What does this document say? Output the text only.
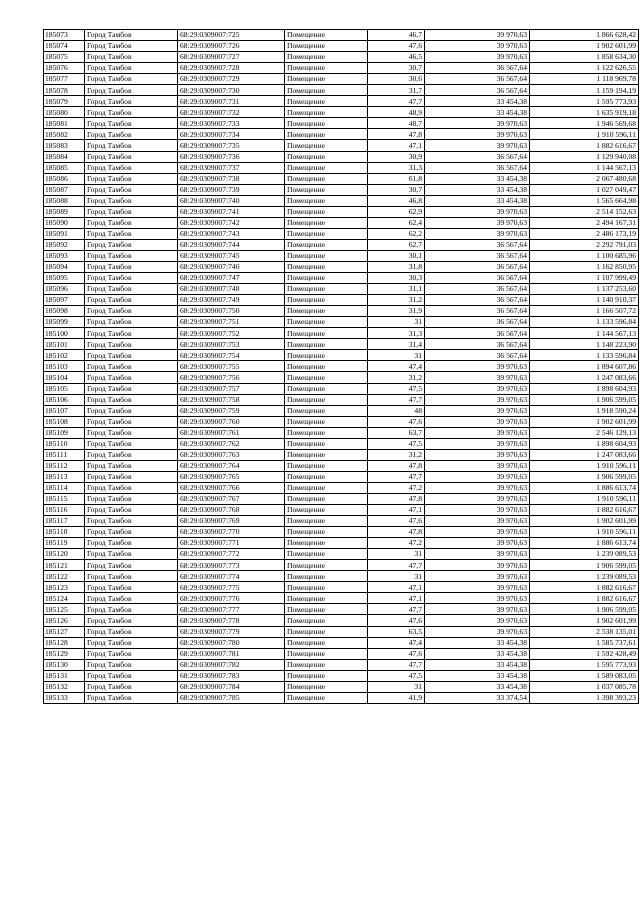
185073	Город Тамбов	68:29:0309007:725	Помещение	46,7	39 970,63	1 866 628,42
185074	Город Тамбов	68:29:0309007:726	Помещение	47,6	39 970,63	1 902 601,99
185075	Город Тамбов	68:29:0309007:727	Помещение	46,5	39 970,63	1 858 634,30
185076	Город Тамбов	68:29:0309007:728	Помещение	30,7	36 567,64	1 122 626,55
185077	Город Тамбов	68:29:0309007:729	Помещение	30,6	36 567,64	1 118 969,78
185078	Город Тамбов	68:29:0309007:730	Помещение	31,7	36 567,64	1 159 194,19
185079	Город Тамбов	68:29:0309007:731	Помещение	47,7	33 454,38	1 595 773,93
185080	Город Тамбов	68:29:0309007:732	Помещение	48,9	33 454,38	1 635 919,18
185081	Город Тамбов	68:29:0309007:733	Помещение	48,7	39 970,63	1 946 569,68
185082	Город Тамбов	68:29:0309007:734	Помещение	47,8	39 970,63	1 910 596,11
185083	Город Тамбов	68:29:0309007:735	Помещение	47,1	39 970,63	1 882 616,67
185084	Город Тамбов	68:29:0309007:736	Помещение	30,9	36 567,64	1 129 940,08
185085	Город Тамбов	68:29:0309007:737	Помещение	31,3	36 567,64	1 144 567,13
185086	Город Тамбов	68:29:0309007:738	Помещение	61,8	33 454,38	2 067 480,68
185087	Город Тамбов	68:29:0309007:739	Помещение	30,7	33 454,38	1 027 049,47
185088	Город Тамбов	68:29:0309007:740	Помещение	46,8	33 454,38	1 565 664,98
185089	Город Тамбов	68:29:0309007:741	Помещение	62,9	39 970,63	2 514 152,63
185090	Город Тамбов	68:29:0309007:742	Помещение	62,4	39 970,63	2 494 167,31
185091	Город Тамбов	68:29:0309007:743	Помещение	62,2	39 970,63	2 486 173,19
185092	Город Тамбов	68:29:0309007:744	Помещение	62,7	36 567,64	2 292 791,03
185093	Город Тамбов	68:29:0309007:745	Помещение	30,1	36 567,64	1 100 685,96
185094	Город Тамбов	68:29:0309007:746	Помещение	31,8	36 567,64	1 162 850,95
185095	Город Тамбов	68:29:0309007:747	Помещение	30,3	36 567,64	1 107 999,49
185096	Город Тамбов	68:29:0309007:748	Помещение	31,1	36 567,64	1 137 253,60
185097	Город Тамбов	68:29:0309007:749	Помещение	31,2	36 567,64	1 140 910,37
185098	Город Тамбов	68:29:0309007:750	Помещение	31,9	36 567,64	1 166 507,72
185099	Город Тамбов	68:29:0309007:751	Помещение	31	36 567,64	1 133 596,84
185100	Город Тамбов	68:29:0309007:752	Помещение	31,3	36 567,64	1 144 567,13
185101	Город Тамбов	68:29:0309007:753	Помещение	31,4	36 567,64	1 148 223,90
185102	Город Тамбов	68:29:0309007:754	Помещение	31	36 567,64	1 133 596,84
185103	Город Тамбов	68:29:0309007:755	Помещение	47,4	39 970,63	1 894 607,86
185104	Город Тамбов	68:29:0309007:756	Помещение	31,2	39 970,63	1 247 083,66
185105	Город Тамбов	68:29:0309007:757	Помещение	47,5	39 970,63	1 898 604,93
185106	Город Тамбов	68:29:0309007:758	Помещение	47,7	39 970,63	1 906 599,05
185107	Город Тамбов	68:29:0309007:759	Помещение	48	39 970,63	1 918 590,24
185108	Город Тамбов	68:29:0309007:760	Помещение	47,6	39 970,63	1 902 601,99
185109	Город Тамбов	68:29:0309007:761	Помещение	63,7	39 970,63	2 546 129,13
185110	Город Тамбов	68:29:0309007:762	Помещение	47,5	39 970,63	1 898 604,93
185111	Город Тамбов	68:29:0309007:763	Помещение	31,2	39 970,63	1 247 083,66
185112	Город Тамбов	68:29:0309007:764	Помещение	47,8	39 970,63	1 910 596,11
185113	Город Тамбов	68:29:0309007:765	Помещение	47,7	39 970,63	1 906 599,05
185114	Город Тамбов	68:29:0309007:766	Помещение	47,2	39 970,63	1 886 613,74
185115	Город Тамбов	68:29:0309007:767	Помещение	47,8	39 970,63	1 910 596,11
185116	Город Тамбов	68:29:0309007:768	Помещение	47,1	39 970,63	1 882 616,67
185117	Город Тамбов	68:29:0309007:769	Помещение	47,6	39 970,63	1 902 601,99
185118	Город Тамбов	68:29:0309007:770	Помещение	47,8	39 970,63	1 910 596,11
185119	Город Тамбов	68:29:0309007:771	Помещение	47,2	39 970,63	1 886 613,74
185120	Город Тамбов	68:29:0309007:772	Помещение	31	39 970,63	1 239 089,53
185121	Город Тамбов	68:29:0309007:773	Помещение	47,7	39 970,63	1 906 599,05
185122	Город Тамбов	68:29:0309007:774	Помещение	31	39 970,63	1 239 089,53
185123	Город Тамбов	68:29:0309007:775	Помещение	47,1	39 970,63	1 882 616,67
185124	Город Тамбов	68:29:0309007:776	Помещение	47,1	39 970,63	1 882 616,67
185125	Город Тамбов	68:29:0309007:777	Помещение	47,7	39 970,63	1 906 599,05
185126	Город Тамбов	68:29:0309007:778	Помещение	47,6	39 970,63	1 902 601,99
185127	Город Тамбов	68:29:0309007:779	Помещение	63,5	39 970,63	2 538 135,01
185128	Город Тамбов	68:29:0309007:780	Помещение	47,4	33 454,38	1 585 737,61
185129	Город Тамбов	68:29:0309007:781	Помещение	47,6	33 454,38	1 592 428,49
185130	Город Тамбов	68:29:0309007:782	Помещение	47,7	33 454,38	1 595 773,93
185131	Город Тамбов	68:29:0309007:783	Помещение	47,5	33 454,38	1 589 083,05
185132	Город Тамбов	68:29:0309007:784	Помещение	31	33 454,38	1 037 085,78
185133	Город Тамбов	68:29:0309007:785	Помещение	41,9	33 374,54	1 398 393,23
